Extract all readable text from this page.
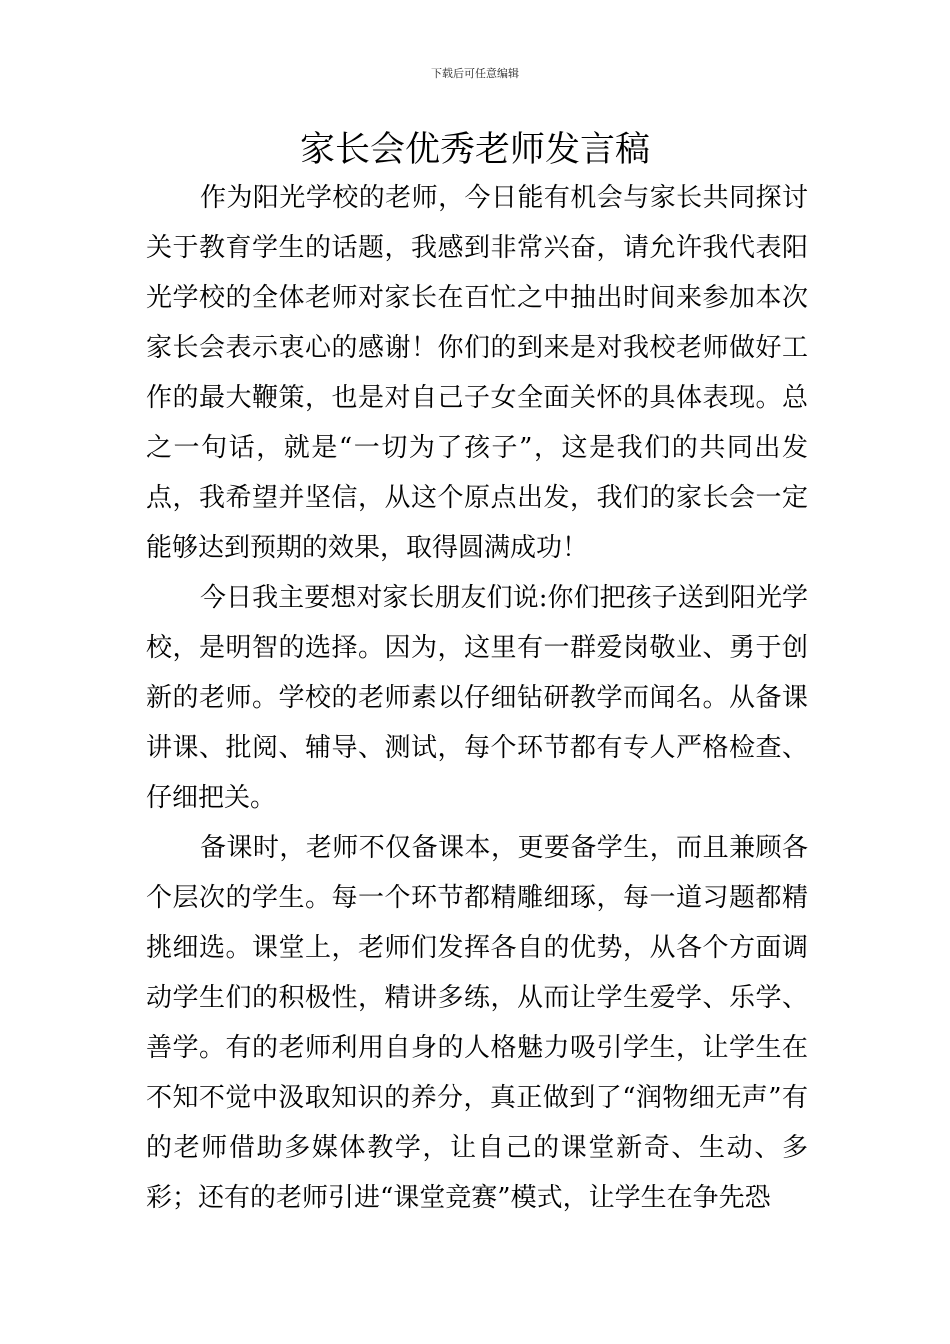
下载后可任意编辑
家长会优秀老师发言稿

作为阳光学校的老师，今日能有机会与家长共同探讨关于教育学生的话题，我感到非常兴奋，请允许我代表阳光学校的全体老师对家长在百忙之中抽出时间来参加本次家长会表示衷心的感谢！你们的到来是对我校老师做好工作的最大鞭策，也是对自己子女全面关怀的具体表现。总之一句话，就是“一切为了孩子”，这是我们的共同出发点，我希望并坚信，从这个原点出发，我们的家长会一定能够达到预期的效果，取得圆满成功！

今日我主要想对家长朋友们说:你们把孩子送到阳光学校，是明智的选择。因为，这里有一群爱岗敬业、勇于创新的老师。学校的老师素以仔细钻研教学而闻名。从备课讲课、批阅、辅导、测试，每个环节都有专人严格检查、仔细把关。

备课时，老师不仅备课本，更要备学生，而且兼顾各个层次的学生。每一个环节都精雕细琢，每一道习题都精挑细选。课堂上，老师们发挥各自的优势，从各个方面调动学生们的积极性，精讲多练，从而让学生爱学、乐学、善学。有的老师利用自身的人格魅力吸引学生，让学生在不知不觉中汲取知识的养分，真正做到了“润物细无声”有的老师借助多媒体教学，让自己的课堂新奇、生动、多彩；还有的老师引进“课堂竞赛”模式，让学生在争先恐
